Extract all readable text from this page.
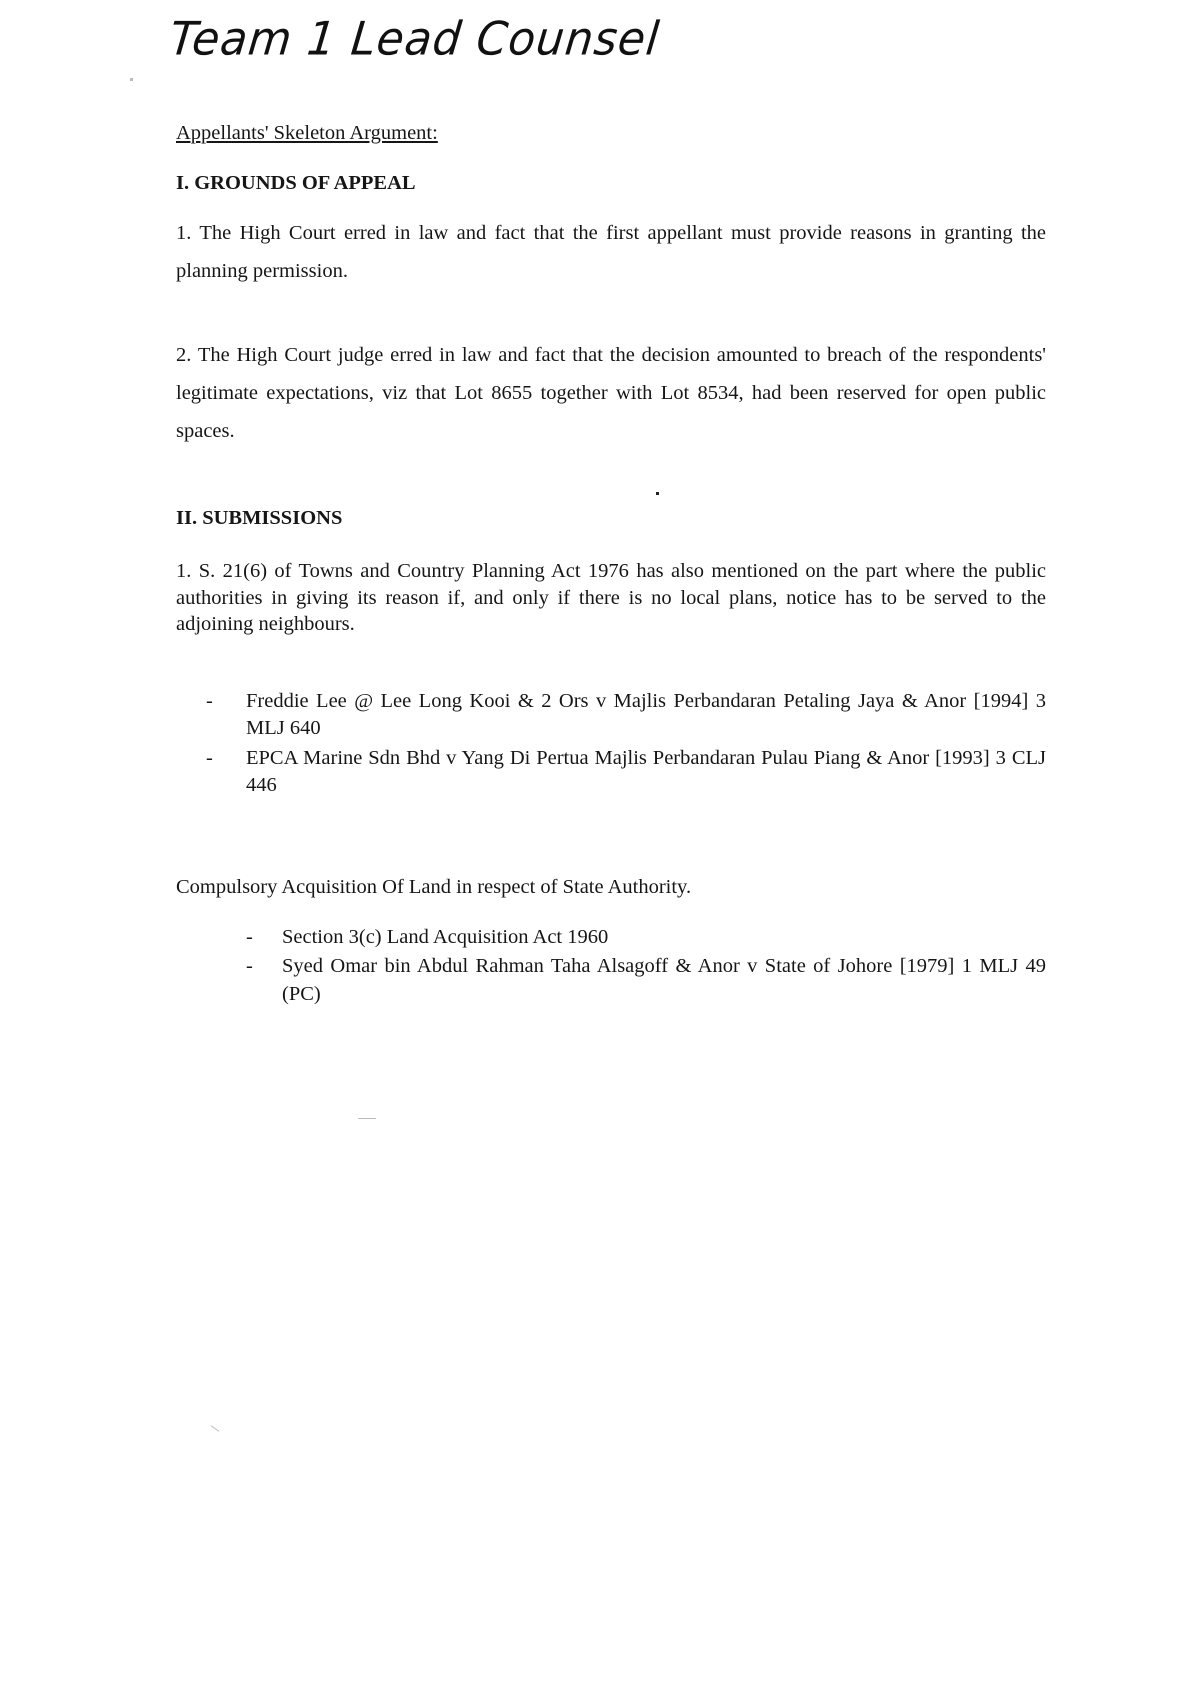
Team 1 Lead Counsel
Appellants' Skeleton Argument:
I. GROUNDS OF APPEAL
1. The High Court erred in law and fact that the first appellant must provide reasons in granting the planning permission.
2. The High Court judge erred in law and fact that the decision amounted to breach of the respondents' legitimate expectations, viz that Lot 8655 together with Lot 8534, had been reserved for open public spaces.
II. SUBMISSIONS
1. S. 21(6) of Towns and Country Planning Act 1976 has also mentioned on the part where the public authorities in giving its reason if, and only if there is no local plans, notice has to be served to the adjoining neighbours.
- Freddie Lee @ Lee Long Kooi & 2 Ors v Majlis Perbandaran Petaling Jaya & Anor [1994] 3 MLJ 640
- EPCA Marine Sdn Bhd v Yang Di Pertua Majlis Perbandaran Pulau Piang & Anor [1993] 3 CLJ 446
Compulsory Acquisition Of Land in respect of State Authority.
- Section 3(c) Land Acquisition Act 1960
- Syed Omar bin Abdul Rahman Taha Alsagoff & Anor v State of Johore [1979] 1 MLJ 49 (PC)
